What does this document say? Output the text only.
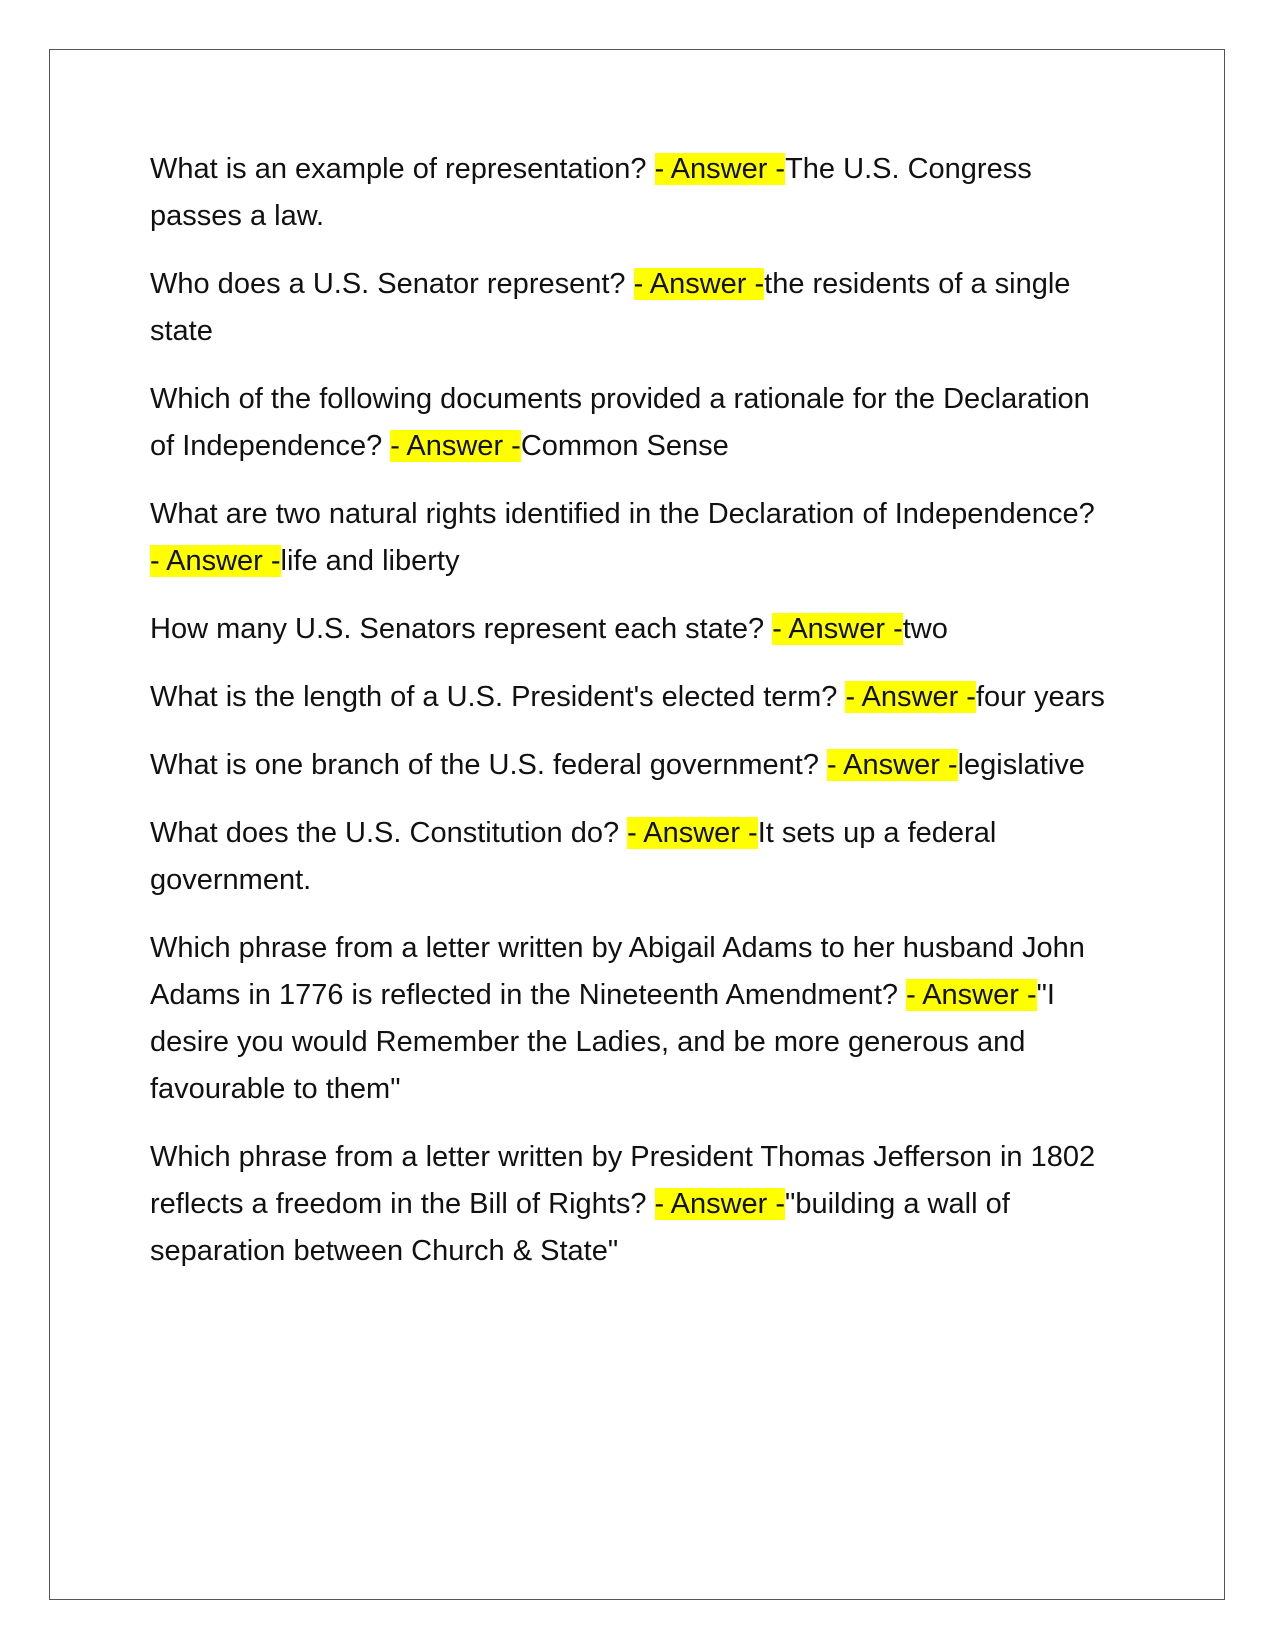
What is an example of representation? - Answer -The U.S. Congress passes a law.

Who does a U.S. Senator represent? - Answer -the residents of a single state

Which of the following documents provided a rationale for the Declaration of Independence? - Answer -Common Sense

What are two natural rights identified in the Declaration of Independence? - Answer -life and liberty

How many U.S. Senators represent each state? - Answer -two

What is the length of a U.S. President's elected term? - Answer -four years

What is one branch of the U.S. federal government? - Answer -legislative

What does the U.S. Constitution do? - Answer -It sets up a federal government.

Which phrase from a letter written by Abigail Adams to her husband John Adams in 1776 is reflected in the Nineteenth Amendment? - Answer -"I desire you would Remember the Ladies, and be more generous and favourable to them"

Which phrase from a letter written by President Thomas Jefferson in 1802 reflects a freedom in the Bill of Rights? - Answer -"building a wall of separation between Church & State"
